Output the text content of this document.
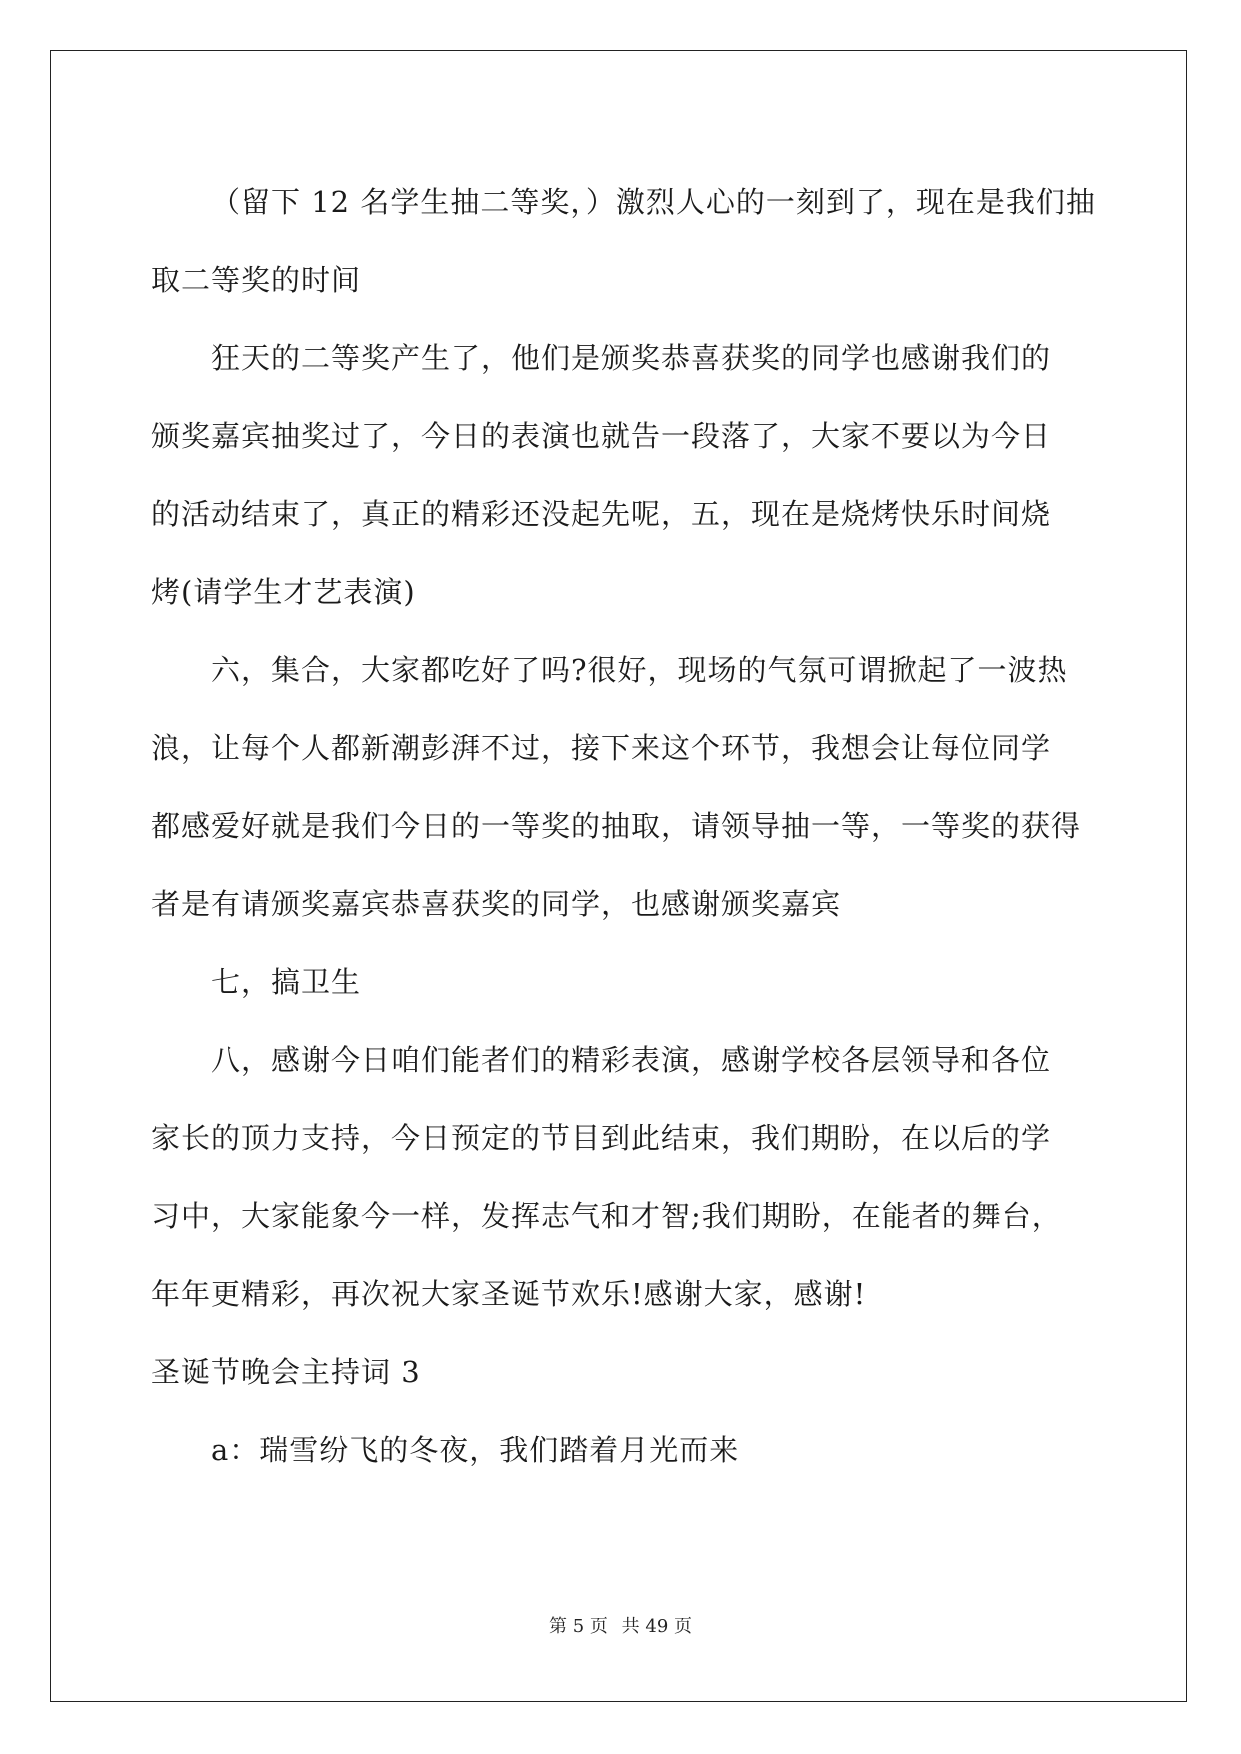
（留下 12 名学生抽二等奖，）激烈人心的一刻到了，现在是我们抽
取二等奖的时间
狂天的二等奖产生了，他们是颁奖恭喜获奖的同学也感谢我们的
颁奖嘉宾抽奖过了，今日的表演也就告一段落了，大家不要以为今日
的活动结束了，真正的精彩还没起先呢，五，现在是烧烤快乐时间烧
烤(请学生才艺表演)
六，集合，大家都吃好了吗?很好，现场的气氛可谓掀起了一波热
浪，让每个人都新潮彭湃不过，接下来这个环节，我想会让每位同学
都感爱好就是我们今日的一等奖的抽取，请领导抽一等，一等奖的获得
者是有请颁奖嘉宾恭喜获奖的同学，也感谢颁奖嘉宾
七，搞卫生
八，感谢今日咱们能者们的精彩表演，感谢学校各层领导和各位
家长的顶力支持，今日预定的节目到此结束，我们期盼，在以后的学
习中，大家能象今一样，发挥志气和才智;我们期盼，在能者的舞台，
年年更精彩，再次祝大家圣诞节欢乐!感谢大家，感谢!
圣诞节晚会主持词 3
a：瑞雪纷飞的冬夜，我们踏着月光而来
第 5 页 共 49 页
